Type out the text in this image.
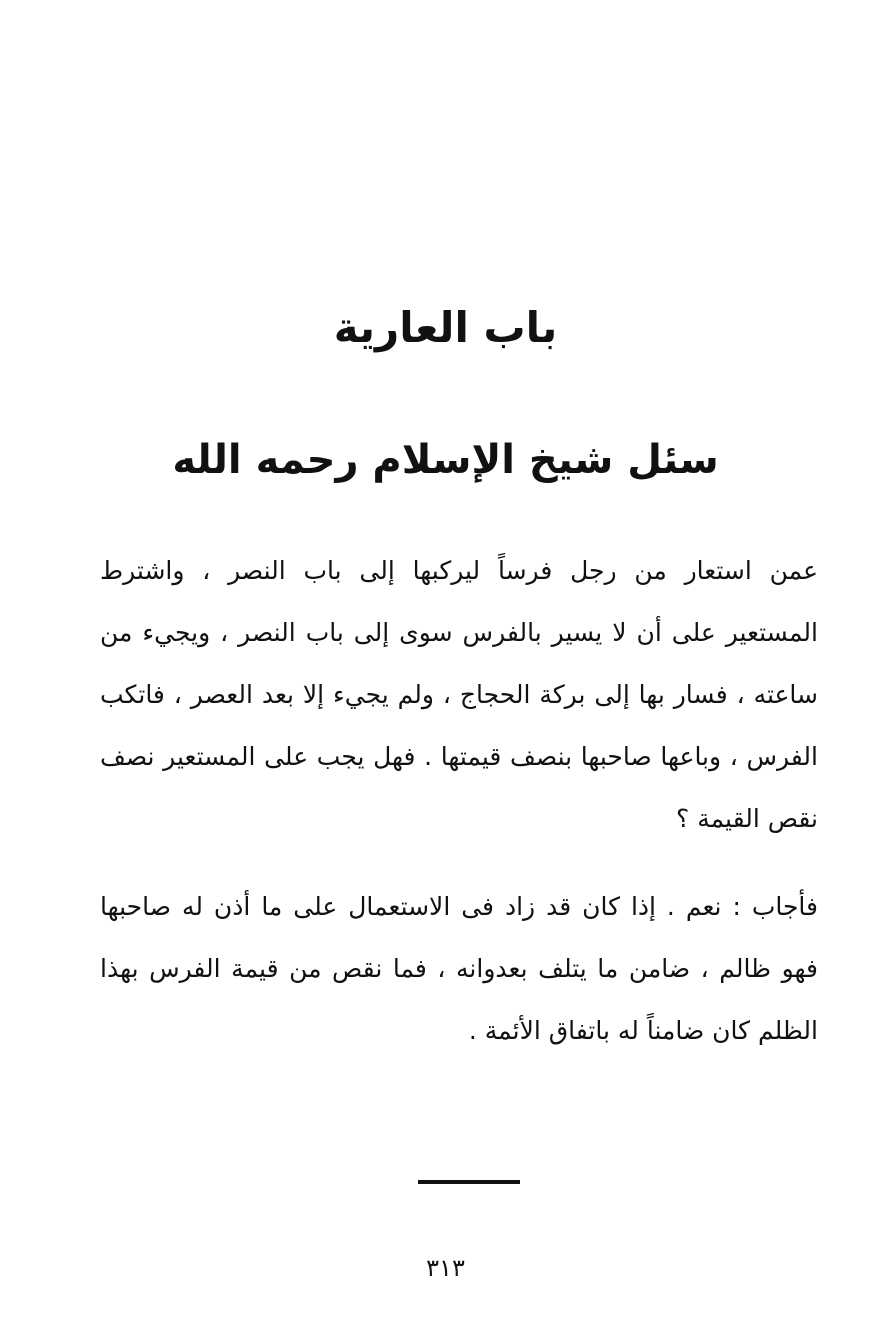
باب العارية
سئل شيخ الإسلام رحمه الله
عمن استعار من رجل فرساً ليركبها إلى باب النصر ، واشترط المستعير على أن لا يسير بالفرس سوى إلى باب النصر ، ويجيء من ساعته ، فسار بها إلى بركة الحجاج ، ولم يجيء إلا بعد العصر ، فاتكب الفرس ، وباعها صاحبها بنصف قيمتها . فهل يجب على المستعير نصف نقص القيمة ؟
فأجاب : نعم . إذا كان قد زاد فى الاستعمال على ما أذن له صاحبها فهو ظالم ، ضامن ما يتلف بعدوانه ، فما نقص من قيمة الفرس بهذا الظلم كان ضامناً له باتفاق الأئمة .
٣١٣
